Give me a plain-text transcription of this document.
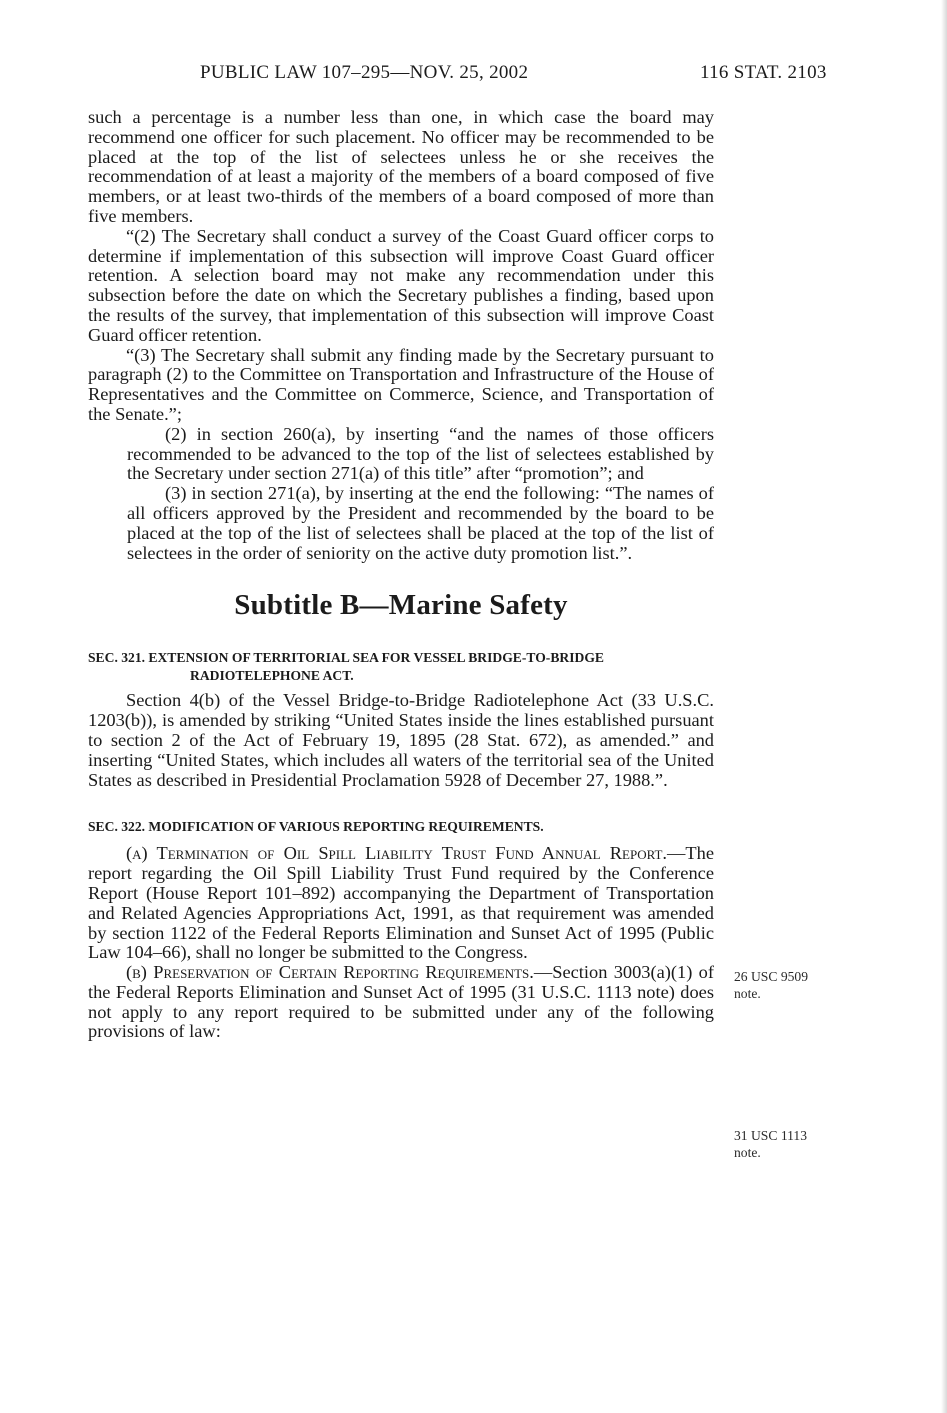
PUBLIC LAW 107–295—NOV. 25, 2002	116 STAT. 2103

such a percentage is a number less than one, in which case the board may recommend one officer for such placement. No officer may be recommended to be placed at the top of the list of selectees unless he or she receives the recommendation of at least a majority of the members of a board composed of five members, or at least two-thirds of the members of a board composed of more than five members.

“(2) The Secretary shall conduct a survey of the Coast Guard officer corps to determine if implementation of this subsection will improve Coast Guard officer retention. A selection board may not make any recommendation under this subsection before the date on which the Secretary publishes a finding, based upon the results of the survey, that implementation of this subsection will improve Coast Guard officer retention.

“(3) The Secretary shall submit any finding made by the Secretary pursuant to paragraph (2) to the Committee on Transportation and Infrastructure of the House of Representatives and the Committee on Commerce, Science, and Transportation of the Senate.”;

(2) in section 260(a), by inserting “and the names of those officers recommended to be advanced to the top of the list of selectees established by the Secretary under section 271(a) of this title” after “promotion”; and

(3) in section 271(a), by inserting at the end the following: “The names of all officers approved by the President and recommended by the board to be placed at the top of the list of selectees shall be placed at the top of the list of selectees in the order of seniority on the active duty promotion list.”.

Subtitle B—Marine Safety
SEC. 321. EXTENSION OF TERRITORIAL SEA FOR VESSEL BRIDGE-TO-BRIDGE RADIOTELEPHONE ACT.

Section 4(b) of the Vessel Bridge-to-Bridge Radiotelephone Act (33 U.S.C. 1203(b)), is amended by striking “United States inside the lines established pursuant to section 2 of the Act of February 19, 1895 (28 Stat. 672), as amended.” and inserting “United States, which includes all waters of the territorial sea of the United States as described in Presidential Proclamation 5928 of December 27, 1988.”.

SEC. 322. MODIFICATION OF VARIOUS REPORTING REQUIREMENTS.

(a) Termination of Oil Spill Liability Trust Fund Annual Report.—The report regarding the Oil Spill Liability Trust Fund required by the Conference Report (House Report 101–892) accompanying the Department of Transportation and Related Agencies Appropriations Act, 1991, as that requirement was amended by section 1122 of the Federal Reports Elimination and Sunset Act of 1995 (Public Law 104–66), shall no longer be submitted to the Congress.

(b) Preservation of Certain Reporting Requirements.—Section 3003(a)(1) of the Federal Reports Elimination and Sunset Act of 1995 (31 U.S.C. 1113 note) does not apply to any report required to be submitted under any of the following provisions of law:

26 USC 9509
note.
31 USC 1113
note.
